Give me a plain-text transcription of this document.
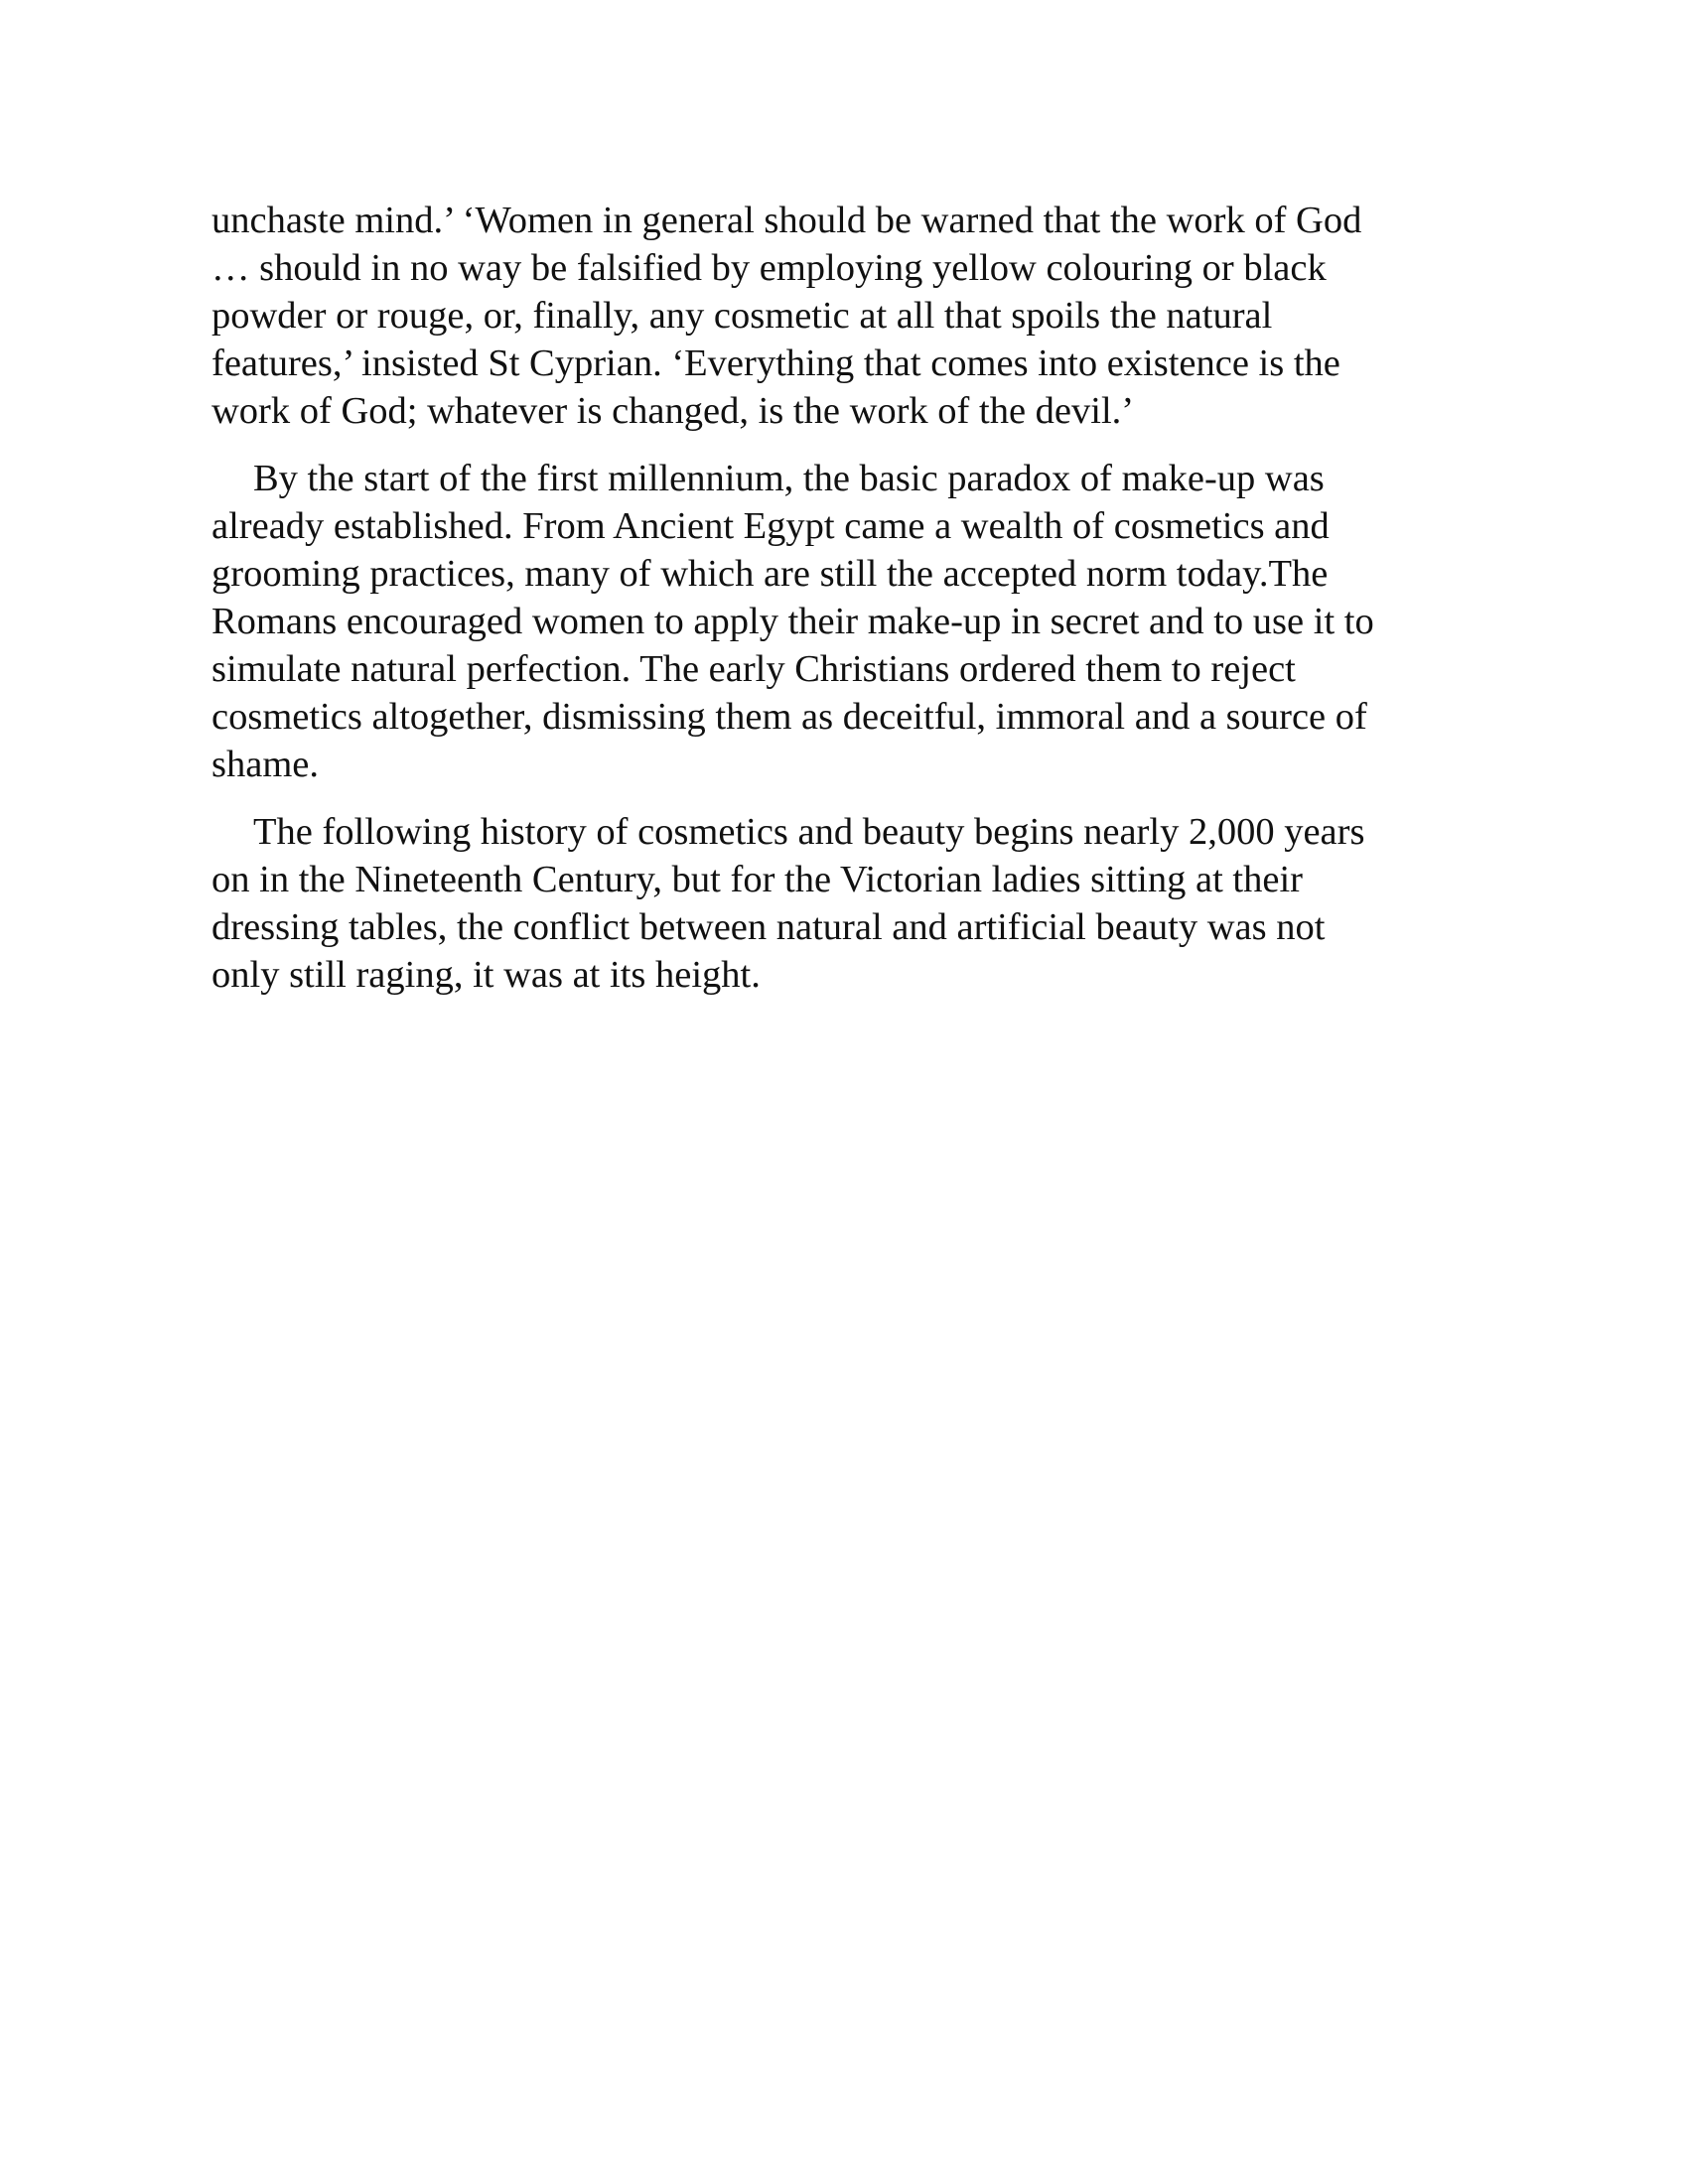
unchaste mind.’ ‘Women in general should be warned that the work of God
… should in no way be falsified by employing yellow colouring or black
powder or rouge, or, finally, any cosmetic at all that spoils the natural
features,’ insisted St Cyprian. ‘Everything that comes into existence is the
work of God; whatever is changed, is the work of the devil.’

By the start of the first millennium, the basic paradox of make-up was
already established. From Ancient Egypt came a wealth of cosmetics and
grooming practices, many of which are still the accepted norm today.The
Romans encouraged women to apply their make-up in secret and to use it to
simulate natural perfection. The early Christians ordered them to reject
cosmetics altogether, dismissing them as deceitful, immoral and a source of
shame.

The following history of cosmetics and beauty begins nearly 2,000 years
on in the Nineteenth Century, but for the Victorian ladies sitting at their
dressing tables, the conflict between natural and artificial beauty was not
only still raging, it was at its height.
